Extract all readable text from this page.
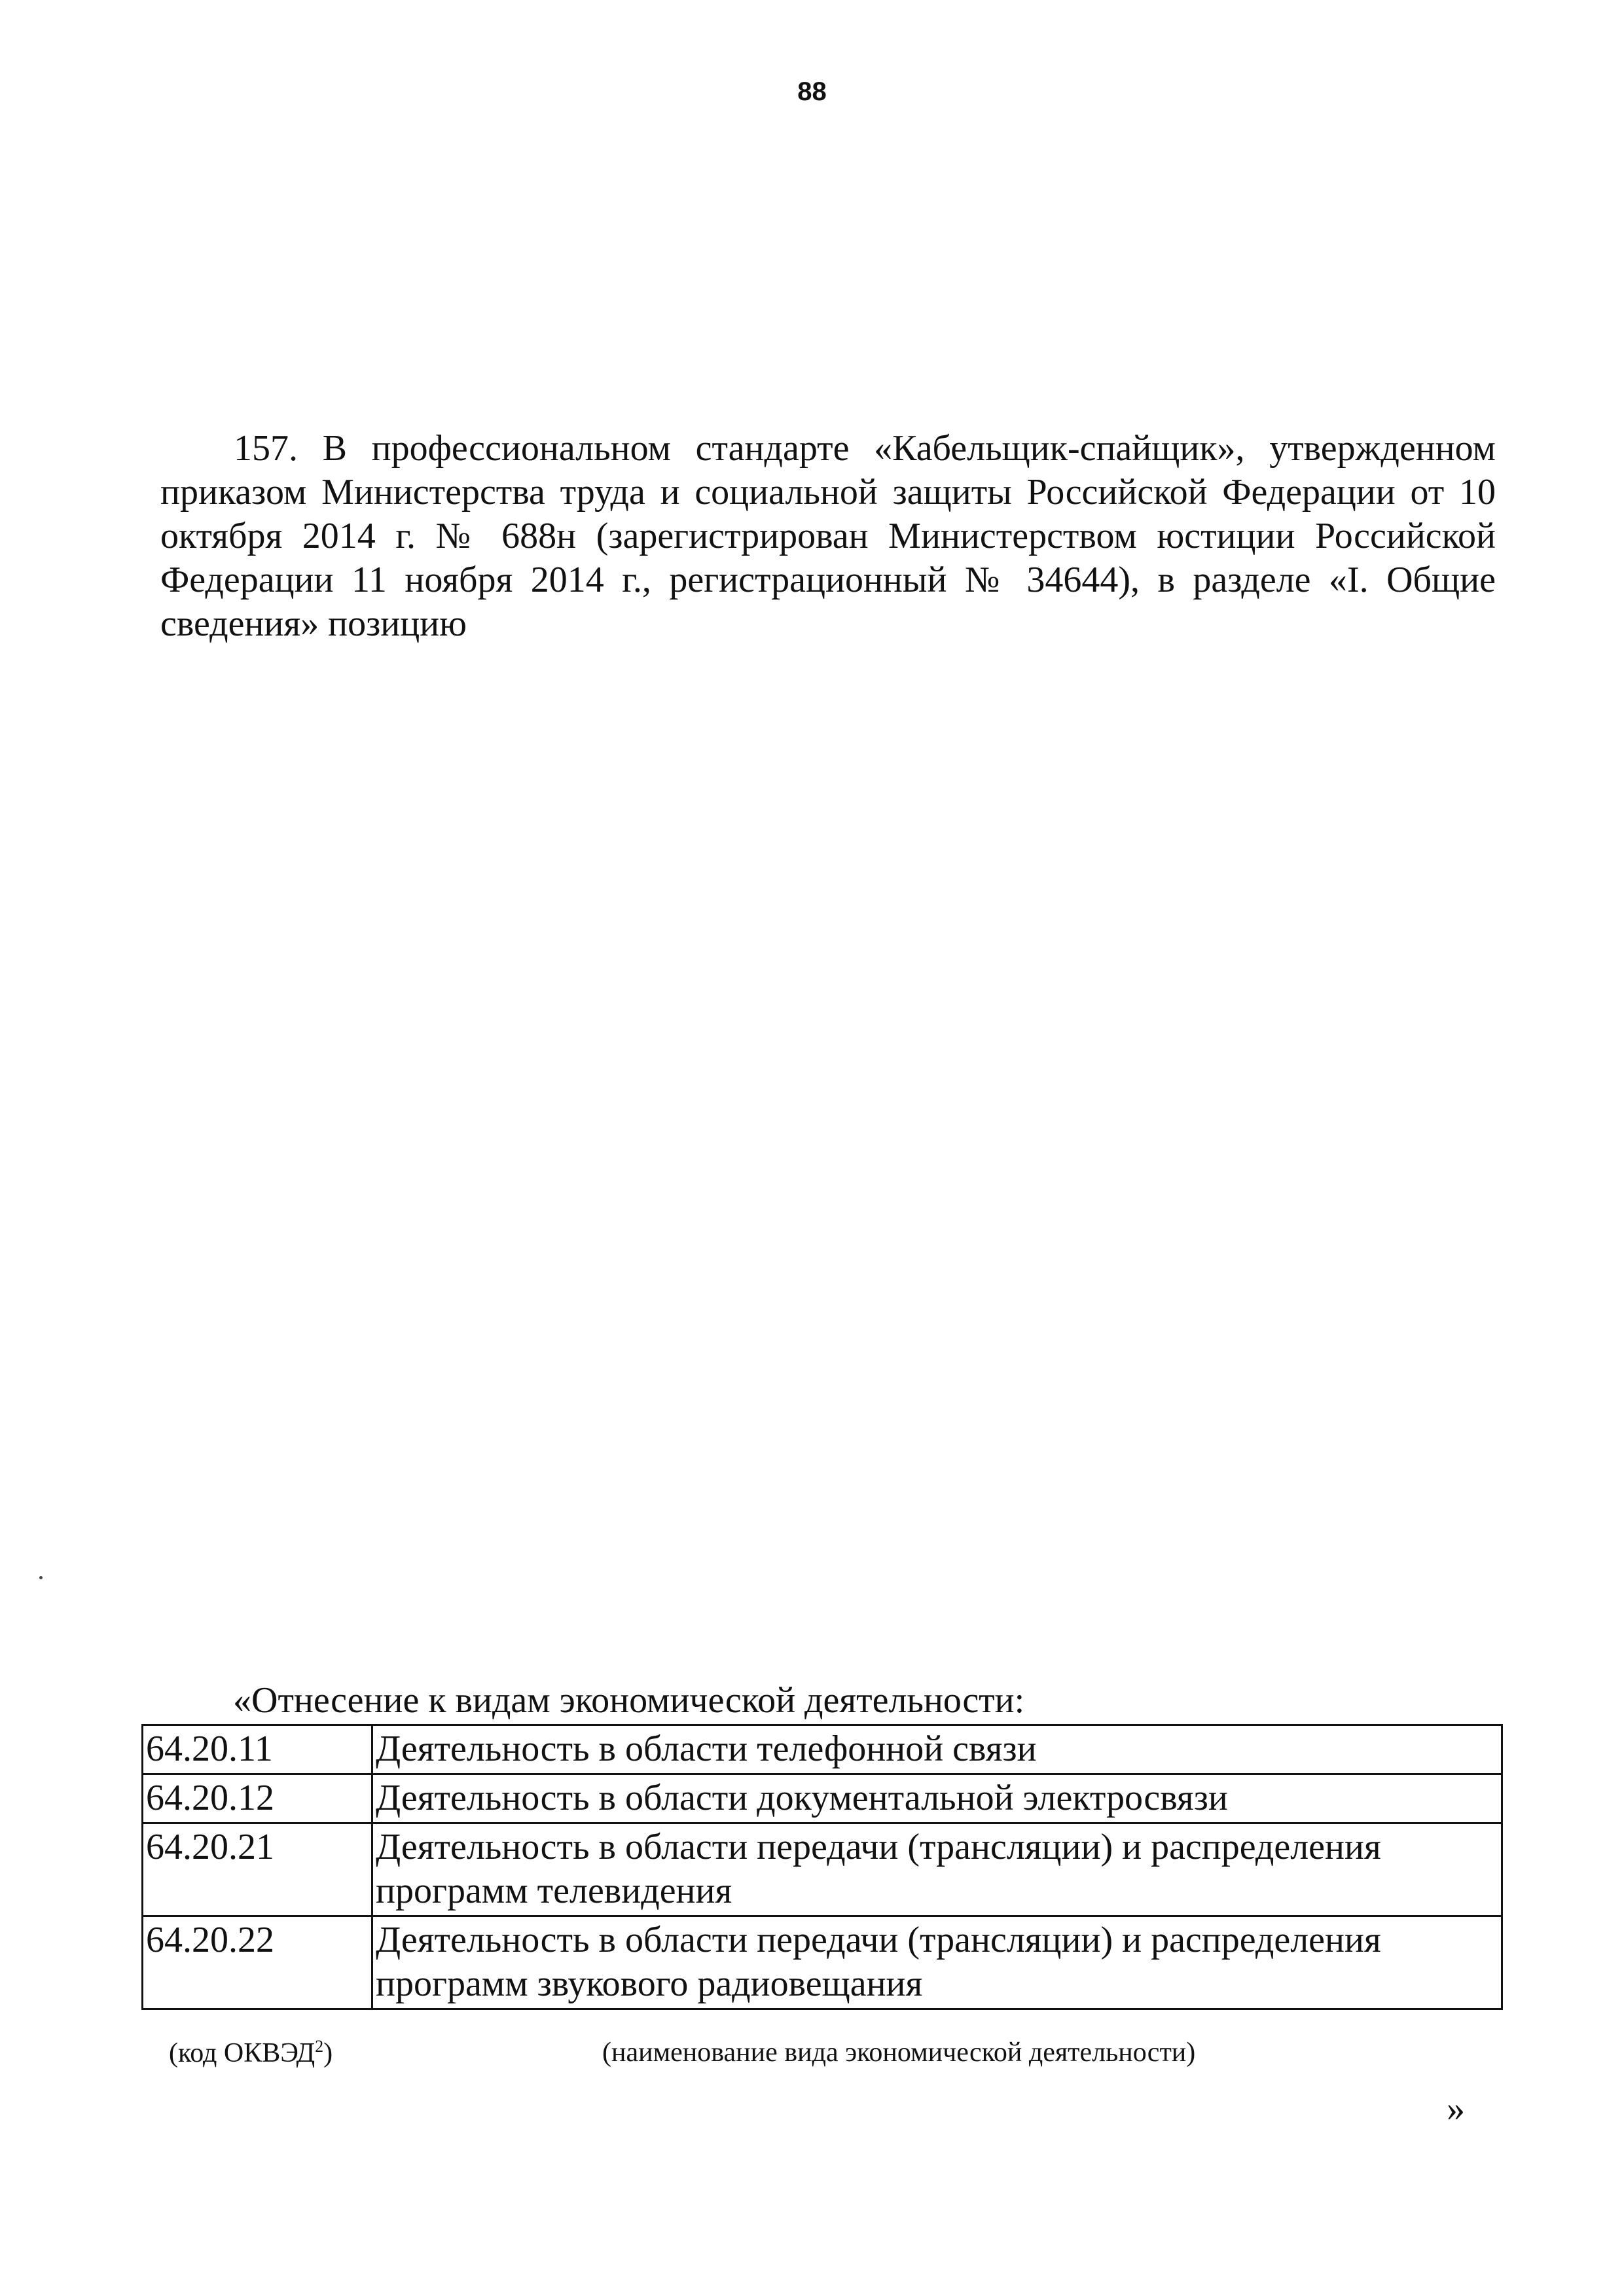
88
157. В профессиональном стандарте «Кабельщик-спайщик», утвержденном приказом Министерства труда и социальной защиты Российской Федерации от 10 октября 2014 г. № 688н (зарегистрирован Министерством юстиции Российской Федерации 11 ноября 2014 г., регистрационный № 34644), в разделе «I. Общие сведения» позицию
«Отнесение к видам экономической деятельности:
64.20.11	Деятельность в области телефонной связи
64.20.12	Деятельность в области документальной электросвязи
64.20.21	Деятельность в области передачи (трансляции) и распределения программ телевидения
64.20.22	Деятельность в области передачи (трансляции) и распределения программ звукового радиовещания
(код ОКВЭД$^2$)	(наименование вида экономической деятельности)
»
